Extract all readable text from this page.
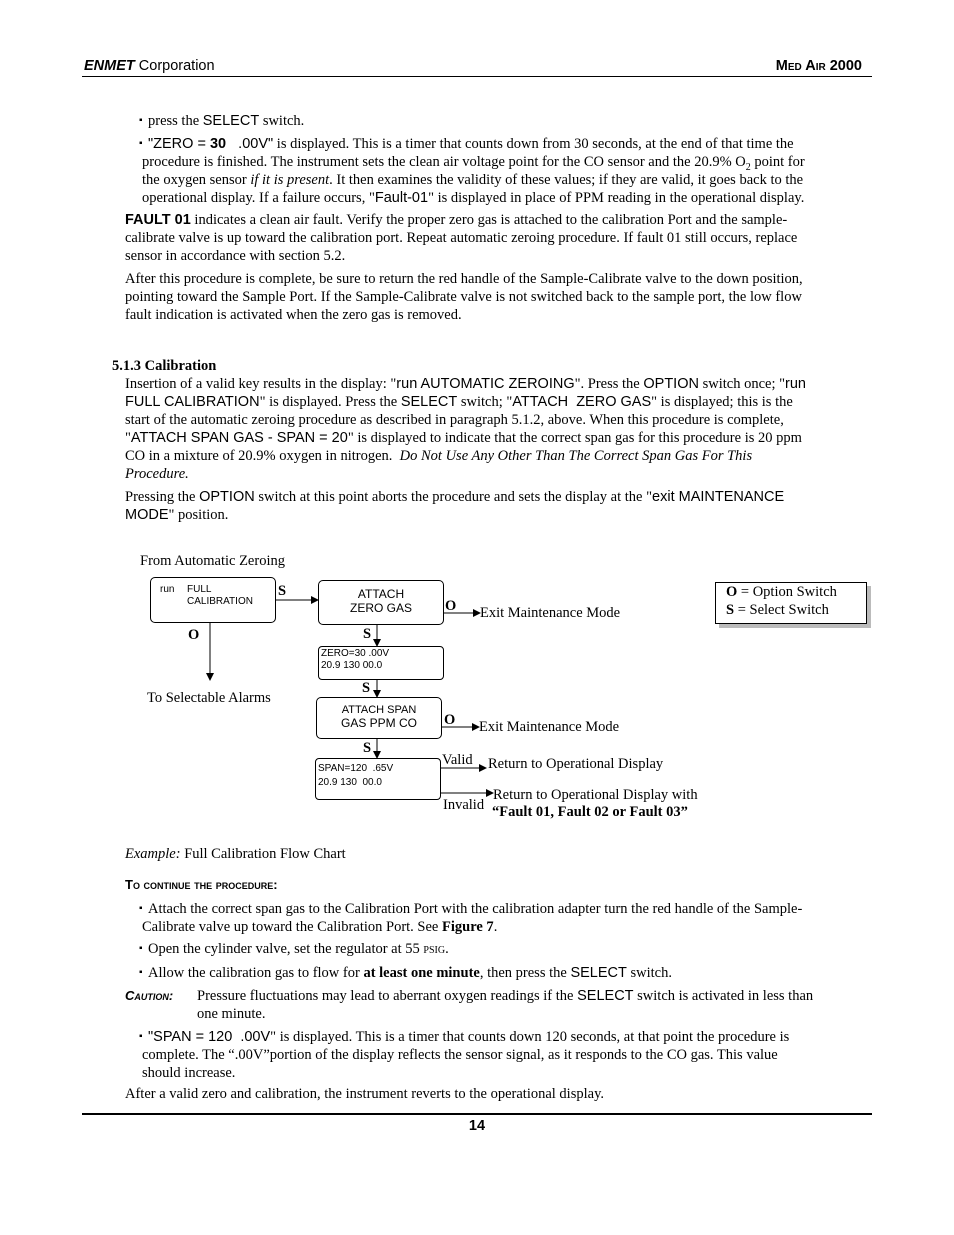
ENMET Corporation	Med Air 2000
▪ press the SELECT switch.
▪ "ZERO = 30   .00V" is displayed. This is a timer that counts down from 30 seconds, at the end of that time the
procedure is finished. The instrument sets the clean air voltage point for the CO sensor and the 20.9% $O_2$ point for
the oxygen sensor if it is present. It then examines the validity of these values; if they are valid, it goes back to the
operational display. If a failure occurs, "Fault-01" is displayed in place of PPM reading in the operational display.
FAULT 01 indicates a clean air fault. Verify the proper zero gas is attached to the calibration Port and the sample-
calibrate valve is up toward the calibration port. Repeat automatic zeroing procedure. If fault 01 still occurs, replace
sensor in accordance with section 5.2.
After this procedure is complete, be sure to return the red handle of the Sample-Calibrate valve to the down position,
pointing toward the Sample Port. If the Sample-Calibrate valve is not switched back to the sample port, the low flow
fault indication is activated when the zero gas is removed.
5.1.3 Calibration
Insertion of a valid key results in the display: "run AUTOMATIC ZEROING". Press the OPTION switch once; "run
FULL CALIBRATION" is displayed. Press the SELECT switch; "ATTACH  ZERO GAS" is displayed; this is the
start of the automatic zeroing procedure as described in paragraph 5.1.2, above. When this procedure is complete,
"ATTACH SPAN GAS - SPAN = 20" is displayed to indicate that the correct span gas for this procedure is 20 ppm
CO in a mixture of 20.9% oxygen in nitrogen.  Do Not Use Any Other Than The Correct Span Gas For This
Procedure.
Pressing the OPTION switch at this point aborts the procedure and sets the display at the "exit MAINTENANCE
MODE" position.
From Automatic Zeroing
run FULL
CALIBRATION
S
O
ATTACH
ZERO GAS	O Exit Maintenance Mode
S
ZERO=30 .00V
20.9 130 00.0
S
To Selectable Alarms
ATTACH SPAN
GAS PPM CO	O Exit Maintenance Mode
S
SPAN=120  .65V
20.9 130  00.0
Valid Return to Operational Display
Invalid
Return to Operational Display with
“Fault 01, Fault 02 or Fault 03”
O = Option Switch
S = Select Switch
Example: Full Calibration Flow Chart
To continue the procedure:
▪ Attach the correct span gas to the Calibration Port with the calibration adapter turn the red handle of the Sample-
Calibrate valve up toward the Calibration Port. See Figure 7.
▪ Open the cylinder valve, set the regulator at 55 psig.
▪ Allow the calibration gas to flow for at least one minute, then press the SELECT switch.
Caution: Pressure fluctuations may lead to aberrant oxygen readings if the SELECT switch is activated in less than
one minute.
▪ "SPAN = 120  .00V" is displayed. This is a timer that counts down 120 seconds, at that point the procedure is
complete. The “.00V”portion of the display reflects the sensor signal, as it responds to the CO gas. This value
should increase.
After a valid zero and calibration, the instrument reverts to the operational display.
14
